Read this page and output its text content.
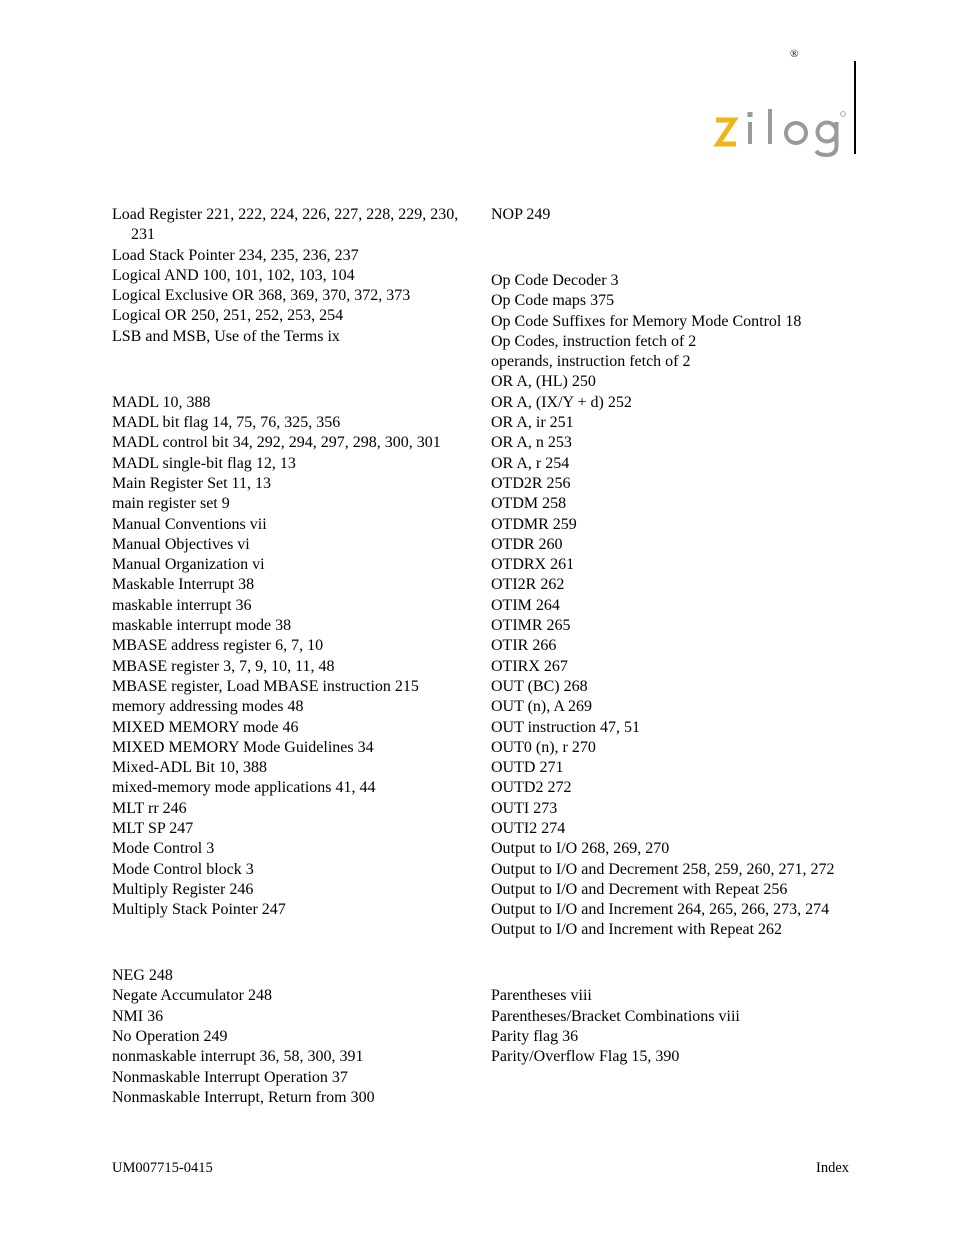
®
Load Register 221, 222, 224, 226, 227, 228, 229, 230, 231
Load Stack Pointer 234, 235, 236, 237
Logical AND 100, 101, 102, 103, 104
Logical Exclusive OR 368, 369, 370, 372, 373
Logical OR 250, 251, 252, 253, 254
LSB and MSB, Use of the Terms ix
MADL 10, 388
MADL bit flag 14, 75, 76, 325, 356
MADL control bit 34, 292, 294, 297, 298, 300, 301
MADL single-bit flag 12, 13
Main Register Set 11, 13
main register set 9
Manual Conventions vii
Manual Objectives vi
Manual Organization vi
Maskable Interrupt 38
maskable interrupt 36
maskable interrupt mode 38
MBASE address register 6, 7, 10
MBASE register 3, 7, 9, 10, 11, 48
MBASE register, Load MBASE instruction 215
memory addressing modes 48
MIXED MEMORY mode 46
MIXED MEMORY Mode Guidelines 34
Mixed-ADL Bit 10, 388
mixed-memory mode applications 41, 44
MLT rr 246
MLT SP 247
Mode Control 3
Mode Control block 3
Multiply Register 246
Multiply Stack Pointer 247
NEG 248
Negate Accumulator 248
NMI 36
No Operation 249
nonmaskable interrupt 36, 58, 300, 391
Nonmaskable Interrupt Operation 37
Nonmaskable Interrupt, Return from 300
NOP 249
Op Code Decoder 3
Op Code maps 375
Op Code Suffixes for Memory Mode Control 18
Op Codes, instruction fetch of 2
operands, instruction fetch of 2
OR A, (HL) 250
OR A, (IX/Y + d) 252
OR A, ir 251
OR A, n 253
OR A, r 254
OTD2R 256
OTDM 258
OTDMR 259
OTDR 260
OTDRX 261
OTI2R 262
OTIM 264
OTIMR 265
OTIR 266
OTIRX 267
OUT (BC) 268
OUT (n), A 269
OUT instruction 47, 51
OUT0 (n), r 270
OUTD 271
OUTD2 272
OUTI 273
OUTI2 274
Output to I/O 268, 269, 270
Output to I/O and Decrement 258, 259, 260, 271, 272
Output to I/O and Decrement with Repeat 256
Output to I/O and Increment 264, 265, 266, 273, 274
Output to I/O and Increment with Repeat 262
Parentheses viii
Parentheses/Bracket Combinations viii
Parity flag 36
Parity/Overflow Flag 15, 390
UM007715-0415	Index
